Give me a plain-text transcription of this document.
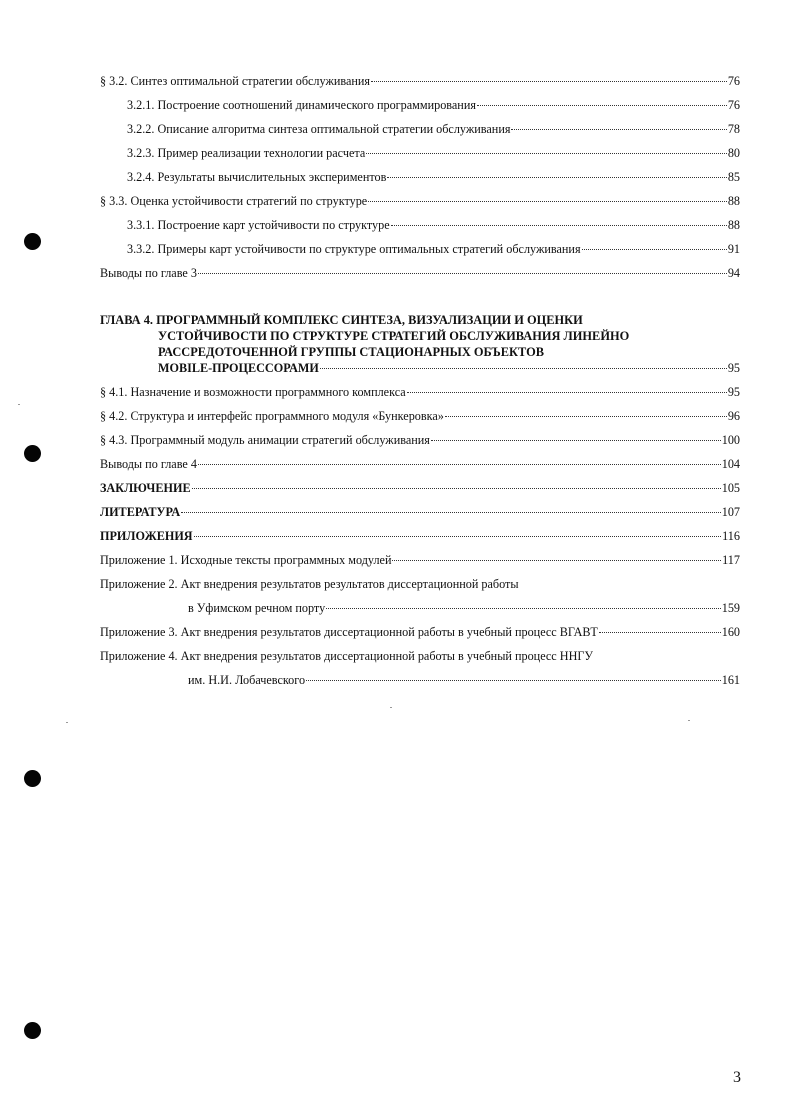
§ 3.2. Синтез оптимальной стратегии обслуживания	76
3.2.1. Построение соотношений динамического программирования	76
3.2.2. Описание алгоритма синтеза оптимальной стратегии обслуживания	78
3.2.3. Пример реализации технологии расчета	80
3.2.4. Результаты вычислительных экспериментов	85
§ 3.3. Оценка устойчивости стратегий по структуре	88
3.3.1. Построение карт устойчивости по структуре	88
3.3.2. Примеры карт устойчивости по структуре оптимальных стратегий обслуживания	91
Выводы по главе 3	94
ГЛАВА 4. ПРОГРАММНЫЙ КОМПЛЕКС СИНТЕЗА, ВИЗУАЛИЗАЦИИ И ОЦЕНКИ
УСТОЙЧИВОСТИ ПО СТРУКТУРЕ СТРАТЕГИЙ ОБСЛУЖИВАНИЯ ЛИНЕЙНО
РАССРЕДОТОЧЕННОЙ ГРУППЫ СТАЦИОНАРНЫХ ОБЪЕКТОВ
MOBILE-ПРОЦЕССОРАМИ	95
§ 4.1. Назначение и возможности программного комплекса	95
§ 4.2. Структура и интерфейс программного модуля «Бункеровка»	96
§ 4.3. Программный модуль анимации стратегий обслуживания	100
Выводы по главе 4	104
ЗАКЛЮЧЕНИЕ	105
ЛИТЕРАТУРА	107
ПРИЛОЖЕНИЯ	116
Приложение 1. Исходные тексты программных модулей	117
Приложение 2. Акт внедрения результатов результатов диссертационной работы
в Уфимском речном порту	159
Приложение 3. Акт внедрения результатов диссертационной работы в учебный процесс ВГАВТ	160
Приложение 4. Акт внедрения результатов диссертационной работы в учебный процесс ННГУ
им. Н.И. Лобачевского	161
3
